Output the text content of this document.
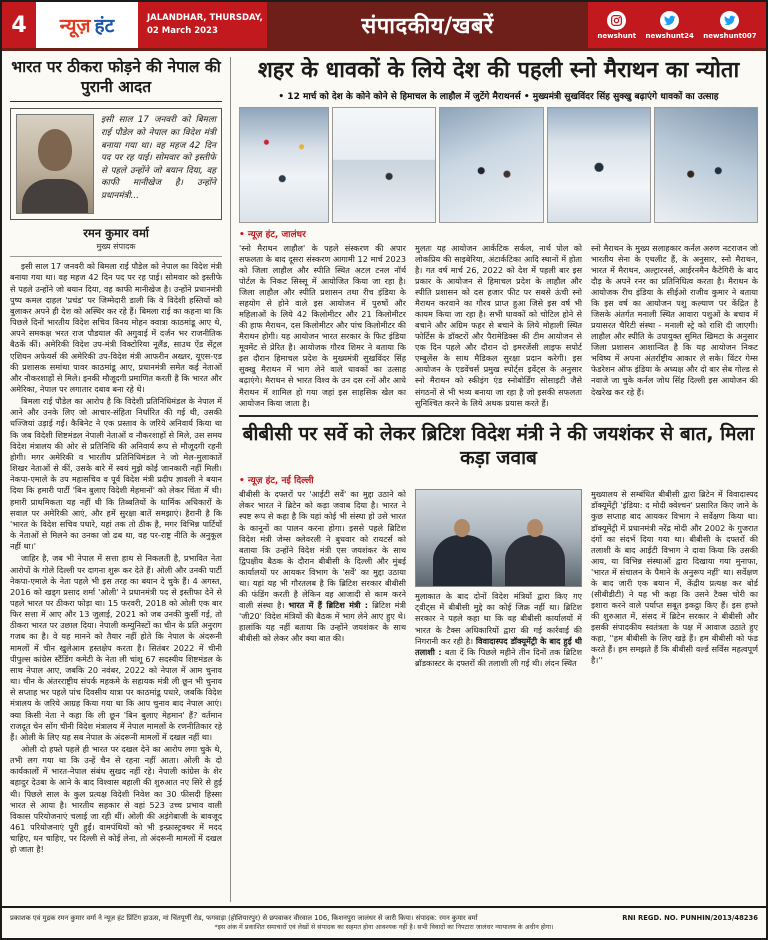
4	न्यूज़ हंट	JALANDHAR, THURSDAY,
02 March 2023	संपादकीय/खबरें	newshunt newshunt24 newshunt007
भारत पर ठीकरा फोड़ने की नेपाल की पुरानी आदत
इसी साल 17 जनवरी को बिमला राई पौडेल को नेपाल का विदेश मंत्री बनाया गया था। वह महज 42 दिन पद पर रह पाई। सोमवार को इस्तीफे से पहले उन्होंने जो बयान दिया, वह काफी मानीखेज है। उन्होंने प्रधानमंत्री...
रमन कुमार वर्मा
मुख्य संपादक

इसी साल 17 जनवरी को बिमला राई पौडेल को नेपाल का विदेश मंत्री बनाया गया था। वह महज 42 दिन पद पर रह पाई। सोमवार को इस्तीफे से पहले उन्होंने जो बयान दिया, वह काफी मानीखेज है। उन्होंने प्रधानमंत्री पुष्प कमल दाहल 'प्रचंड' पर जिम्मेदारी डाली कि वे विदेशी हस्तियों को बुलाकर अपने ही देश को अस्थिर कर रहे हैं। बिमला राई का कहना था कि पिछले दिनों भारतीय विदेश सचिव विनय मोहन क्वात्रा काठमांडू आए थे, अपने समकक्ष भरत राज पौडयाल की अगुवाई में दर्जन भर राजनीतिक बैठकें कीं। अमेरिकी विदेश उप-मंत्री विक्टोरिया नूलैंड, साउथ ऐंड सेंट्रल एशियन अफेयर्स की अमेरिकी उप-विदेश मंत्री आफरीन अख्तर, यूएस-एड की प्रशासक समांथा पावर काठमांडू आए, प्रधानमंत्री समेत कई नेताओं और नौकरशाहों से मिले। इनकी मौजूदगी प्रमाणित करती है कि भारत और अमेरिका, नेपाल पर लगातार दबाव बना रहे थे।

बिमला राई पौडेल का आरोप है कि विदेशी प्रतिनिधिमंडल के नेपाल में आने और उनके लिए जो आचार-संहिता निर्धारित की गई थी, उसकी धज्जियां उड़ाई गईं। कैबिनेट ने एक प्रस्ताव के जरिये अनिवार्य किया था कि जब विदेशी शिष्टमंडल नेपाली नेताओं व नौकरशाहों से मिले, उस समय विदेश मंत्रालय की ओर से प्रतिनिधि की अनिवार्य रूप से मौजूदगी रहनी होगी। मगर अमेरिकी व भारतीय प्रतिनिधिमंडल ने जो मेल-मुलाकातें शिखर नेताओं से कीं, उसके बारे में स्वयं मुझे कोई जानकारी नहीं मिली। नेकपा-एमाले के उप महासचिव व पूर्व विदेश मंत्री प्रदीप ज्ञावली ने बयान दिया कि हमारी पार्टी 'बिन बुलाए विदेशी मेहमानों' को लेकर चिंता में थी। हमारी प्राथमिकता यह नहीं थी कि तिब्बतियों के धार्मिक अधिकारों के सवाल पर अमेरिकी आएं, और हमें सुरक्षा बातें समझाएं। हैरानी है कि 'भारत के विदेश सचिव पधारे, यहां तक तो ठीक है, मगर विभिन्न पार्टियों के नेताओं से मिलने का उनका जो ढब था, वह पर-राष्ट्र नीति के अनुकूल नहीं था।'

जाहिर है, जब भी नेपाल में सत्ता हाथ से निकलती है, प्रभावित नेता आरोपों के गोले दिल्ली पर दागना शुरू कर देते हैं। ओली और उनकी पार्टी नेकपा-एमाले के नेता पहले भी इस तरह का बयान दे चुके हैं। 4 अगस्त, 2016 को खड्ग प्रसाद शर्मा 'ओली' ने प्रधानमंत्री पद से इस्तीफा देने से पहले भारत पर ठीकरा फोड़ा था। 15 फरवरी, 2018 को ओली एक बार फिर सत्ता में आए और 13 जुलाई, 2021 को जब उनकी कुर्सी गई, तो ठीकरा भारत पर उछाल दिया। नेपाली कम्युनिस्टों का चीन के प्रति अनुराग गजब का है। वे यह मानने को तैयार नहीं होते कि नेपाल के अंदरूनी मामलों में चीन खुलेआम हस्तक्षेप करता है। सितंबर 2022 में चीनी पीपुल्स कांग्रेस स्टैंडिंग कमेटी के नेता ली चांशू 67 सदस्यीय शिष्टमंडल के साथ नेपाल आए, जबकि 20 नवंबर, 2022 को नेपाल में आम चुनाव था। चीन के अंतरराष्ट्रीय संपर्क महकमे के सहायक मंत्री ली छून भी चुनाव से सप्ताह भर पहले पांच दिवसीय यात्रा पर काठमांडू पधारे, जबकि विदेश मंत्रालय के जरिये आग्रह किया गया था कि आप चुनाव बाद नेपाल आएं। क्या किसी नेता ने कहा कि ली छून 'बिन बुलाए मेहमान' हैं? वर्तमान राजदूत चेन सोंग चीनी विदेश मंत्रालय में नेपाल मामलों के रणनीतिकार रहे हैं। ओली के लिए यह सब नेपाल के अंदरूनी मामलों में दखल नहीं था।

ओली दो हफ्ते पहले ही भारत पर दखल देने का आरोप लगा चुके थे, तभी लग गया था कि उन्हें चैन से रहना नहीं आता। ओली के दो कार्यकालों में भारत-नेपाल संबंध सुखद नहीं रहे। नेपाली कांग्रेस के शेर बहादुर देउबा के आने के बाद विश्वास बहाली की शुरुआत नए सिरे से हुई थी। पिछले साल के कुल प्रत्यक्ष विदेशी निवेश का 30 फीसदी हिस्सा भारत से आया है। भारतीय सहकार से वहां 523 उच्च प्रभाव वाली विकास परियोजनाएं चलाई जा रही थीं। ओली की अड़ंगेबाजी के बावजूद 461 परियोजनाएं पूरी हुईं। वामपंथियों को भी इन्फ्रास्ट्रक्चर में मदद चाहिए, धन चाहिए, पर दिल्ली से कोई लेना, तो अंदरूनी मामलों में दखल हो जाता है!

शहर के धावकों के लिये देश की पहली स्नो मैराथन का न्योता
• 12 मार्च को देश के कोने कोने से हिमाचल के लाहौल में जुटेंगे मैराथनर्स • मुख्यमंत्री सुखविंदर सिंह सुक्खु बढ़ाएंगे धावकों का उत्साह
• न्यूज़ हंट, जालंधर
'स्नो मैराथन लाहौल' के पहले संस्करण की अपार सफलता के बाद दूसरा संस्करण आगामी 12 मार्च 2023 को जिला लाहौल और स्पीति स्थित अटल टनल नॉर्थ पोर्टल के निकट सिस्सू में आयोजित किया जा रहा है। जिला लाहौल और स्पीति प्रशासन तथा रीच इंडिया के सहयोग से होने वाले इस आयोजन में पुरुषों और महिलाओं के लिये 42 किलोमीटर और 21 किलोमीटर की हाफ मैराथन, दस किलोमीटर और पांच किलोमीटर की मैराथन होगी। यह आयोजन भारत सरकार के फिट इंडिया मूवमेंट से प्रेरित है। आयोजक गौरव शिमर ने बताया कि इस दौरान हिमाचल प्रदेश के मुख्यमंत्री सुखविंदर सिंह सुक्खु मैराथन में भाग लेने वाले धावकों का उत्साह बढ़ाएंगे। मैराथन से भारत विश्व के उन दस रनों और आधे मैराथन में शामिल हो गया जहां इस साहसिक खेल का आयोजन किया जाता है।
मुलतः यह आयोजन आर्कटिक सर्कल, नार्थ पोल को लोकप्रिय की साइबेरिया, अंटार्कटिका आदि स्थानों में होता है। गत वर्ष मार्च 26, 2022 को देश में पहली बार इस प्रकार के आयोजन से हिमाचल प्रदेश के लाहौल और स्पीति प्रशासन को दस हजार फीट पर सबसे ऊंची स्नो मैराथन करवाने का गौरव प्राप्त हुआ जिसे इस वर्ष भी कायम किया जा रहा है। सभी धावकों को चोटिल होने से बचाने और अग्रिम फहर से बचाने के लिये मोहाली स्थित फोर्टिस के डॉक्टरों और पैरामेडिक्स की टीम आयोजन से एक दिन पहले और दौरान दो इमरजेंसी लाइफ सपोर्ट एम्बुलेंस के साथ मैडिकल सुरक्षा प्रदान करेगी। इस आयोजन के एडवेंचर्स प्रमुख स्पोर्ट्स इवेंट्स के अनुसार स्नो मैराथन को स्कीइंग एंड स्नोबोर्डिंग सोसाइटी जैसे संगठनों से भी भव्य बनाया जा रहा है जो इसकी सफलता सुनिश्चित करने के लिये अथक प्रयास करते हैं।
स्नो मैराथन के मुख्य सलाहकार कर्नल अरुण नटराजन जो भारतीय सेना के एथलीट हैं, के अनुसार, स्नो मैराथन, भारत में मैराथन, अल्ट्रारनर्स, आईरनमैन कैटेगिरी के बाद दौड़ के अपने रनर का प्रतिनिधित्व करता है। मैराथन के आयोजक रीच इंडिया के सीईओ राजीव कुमार ने बताया कि इस वर्ष का आयोजन पशु कल्याण पर केंद्रित है जिसके अंतर्गत मनाली स्थित आवारा पशुओं के बचाव में प्रयासरत चैरिटी संस्था - मनाली स्ट्रे को राशि दी जाएगी। लाहौल और स्पीति के उपायुक्त सुमित खिमटा के अनुसार जिला प्रशासन आशान्वित है कि यह आयोजन निकट भविष्य में अपना अंतर्राष्ट्रीय आकार ले सके। विंटर गेम्स फेडरेशन ऑफ इंडिया के अध्यक्ष और दो बार सेब गोल्ड से नवाजे जा चुके कर्नल जोध सिंह दिल्ली इस आयोजन की देखरेख कर रहे हैं।
बीबीसी पर सर्वे को लेकर ब्रिटिश विदेश मंत्री ने की जयशंकर से बात, मिला कड़ा जवाब
• न्यूज़ हंट, नई दिल्ली
बीबीसी के दफ्तरों पर 'आईटी सर्वे' का मुद्दा उठाने को लेकर भारत ने ब्रिटेन को कड़ा जवाब दिया है। भारत ने स्पष्ट रूप से कहा है कि यहां कोई भी संस्था हो उसे भारत के कानूनों का पालन करना होगा। इससे पहले ब्रिटिश विदेश मंत्री जेम्स क्लेवरली ने बुधवार को रायटर्स को बताया कि उन्होंने विदेश मंत्री एस जयशंकर के साथ द्विपक्षीय बैठक के दौरान बीबीसी के दिल्ली और मुंबई कार्यालयों पर आयकर विभाग के 'सर्वे' का मुद्दा उठाया था। यहां यह भी गौरतलब है कि ब्रिटिश सरकार बीबीसी की फंडिंग करती है लेकिन वह आजादी से काम करने वाली संस्था है। भारत में हैं ब्रिटिश मंत्री : ब्रिटिश मंत्री 'जी20' विदेश मंत्रियों की बैठक में भाग लेने आए हुए थे। हालांकि यह नहीं बताया कि उन्होंने जयशंकर के साथ बीबीसी को लेकर और क्या बात की।
मुलाकात के बाद दोनों विदेश मंत्रियों द्वारा किए गए ट्वीट्स में बीबीसी मुद्दे का कोई जिक्र नहीं था। ब्रिटिश सरकार ने पहले कहा था कि वह बीबीसी कार्यालयों में भारत के टैक्स अधिकारियों द्वारा की गई कार्रवाई की निगरानी कर रही है। विवादास्पद डॉक्यूमेंट्री के बाद हुई थी तलाशी : बता दें कि पिछले महीने तीन दिनों तक ब्रिटिश ब्रॉडकास्टर के दफ्तरों की तलाशी ली गई थी। लंदन स्थित
मुख्यालय से सम्बंधित बीबीसी द्वारा ब्रिटेन में विवादास्पद डॉक्यूमेंट्री 'इंडिया: द मोदी क्वेश्चन' प्रसारित किए जाने के कुछ सप्ताह बाद आयकर विभाग ने सर्वेक्षण किया था। डॉक्यूमेंट्री में प्रधानमंत्री नरेंद्र मोदी और 2002 के गुजरात दंगों का संदर्भ दिया गया था। बीबीसी के दफ्तरों की तलाशी के बाद आईटी विभाग ने दावा किया कि उसकी आय, या विभिन्न संस्थाओं द्वारा दिखाया गया मुनाफा, 'भारत में संचालन के पैमाने के अनुरूप नहीं' था। सर्वेक्षण के बाद जारी एक बयान में, केंद्रीय प्रत्यक्ष कर बोर्ड (सीबीडीटी) ने यह भी कहा कि उसने टैक्स चोरी का इशारा करने वाले पर्याप्त सबूत इकट्ठा किए हैं। इस हफ्ते की शुरुआत में, संसद में ब्रिटेन सरकार ने बीबीसी और इसकी संपादकीय स्वतंत्रता के पक्ष में आवाज उठाते हुए कहा, ''हम बीबीसी के लिए खड़े हैं। हम बीबीसी को फंड करते हैं। हम समझते हैं कि बीबीसी वर्ल्ड सर्विस महत्वपूर्ण है।''
प्रकाशक एवं मुद्रक रमन कुमार वर्मा ने न्यूज़ हंट प्रिंटिंग हाऊस, मां चिंतपूर्णी रोड, फगवाड़ा (होशियारपुर) से छपवाकर वीरवाल 106, किशनपुरा जालंधर से जारी किया। संपादक: रमन कुमार वर्मा	RNI REGD. NO. PUNHIN/2013/48236
*इस अंक में प्रकाशित समाचारों एवं लेखों से संपादक का सहमत होना आवश्यक नहीं है। सभी विवादों का निपटारा जालंधर न्यायालय के अधीन होगा।
